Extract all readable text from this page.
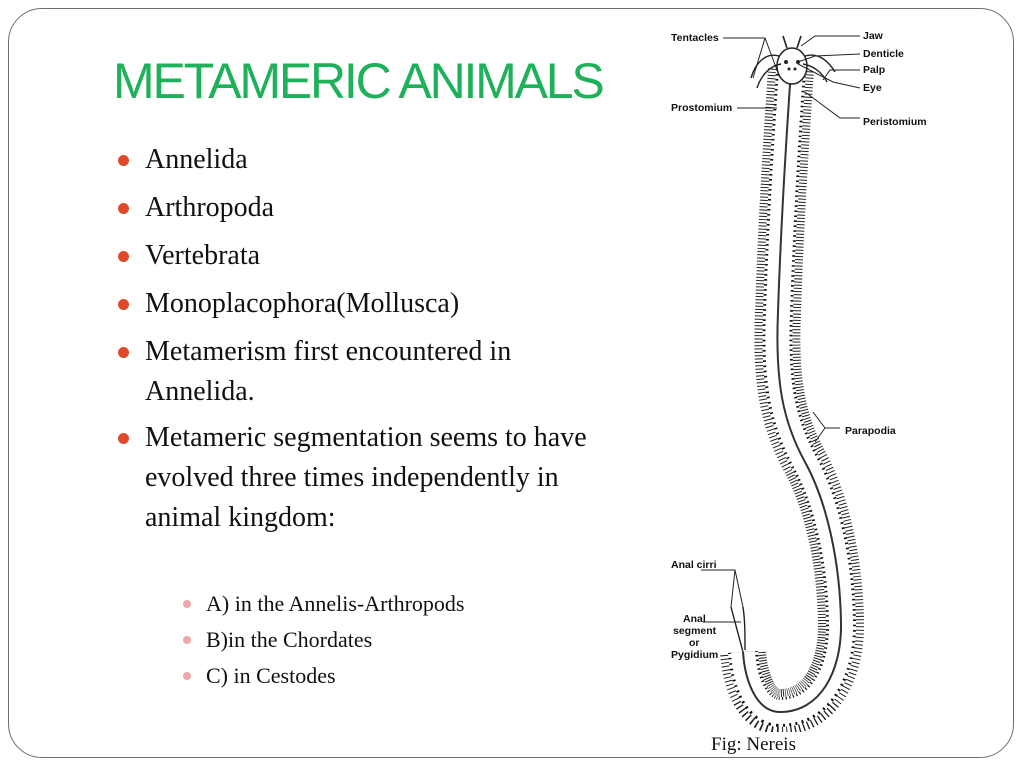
METAMERIC ANIMALS
Annelida
Arthropoda
Vertebrata
Monoplacophora(Mollusca)
Metamerism first encountered in Annelida.
Metameric segmentation seems to have evolved three times independently in animal kingdom:
A) in the Annelis-Arthropods
B)in the Chordates
C) in Cestodes
Tentacles	Jaw
Denticle
Palp
Eye
Prostomium
Peristomium
Parapodia
Anal cirri
Anal
segment
or
Pygidium
Fig: Nereis
